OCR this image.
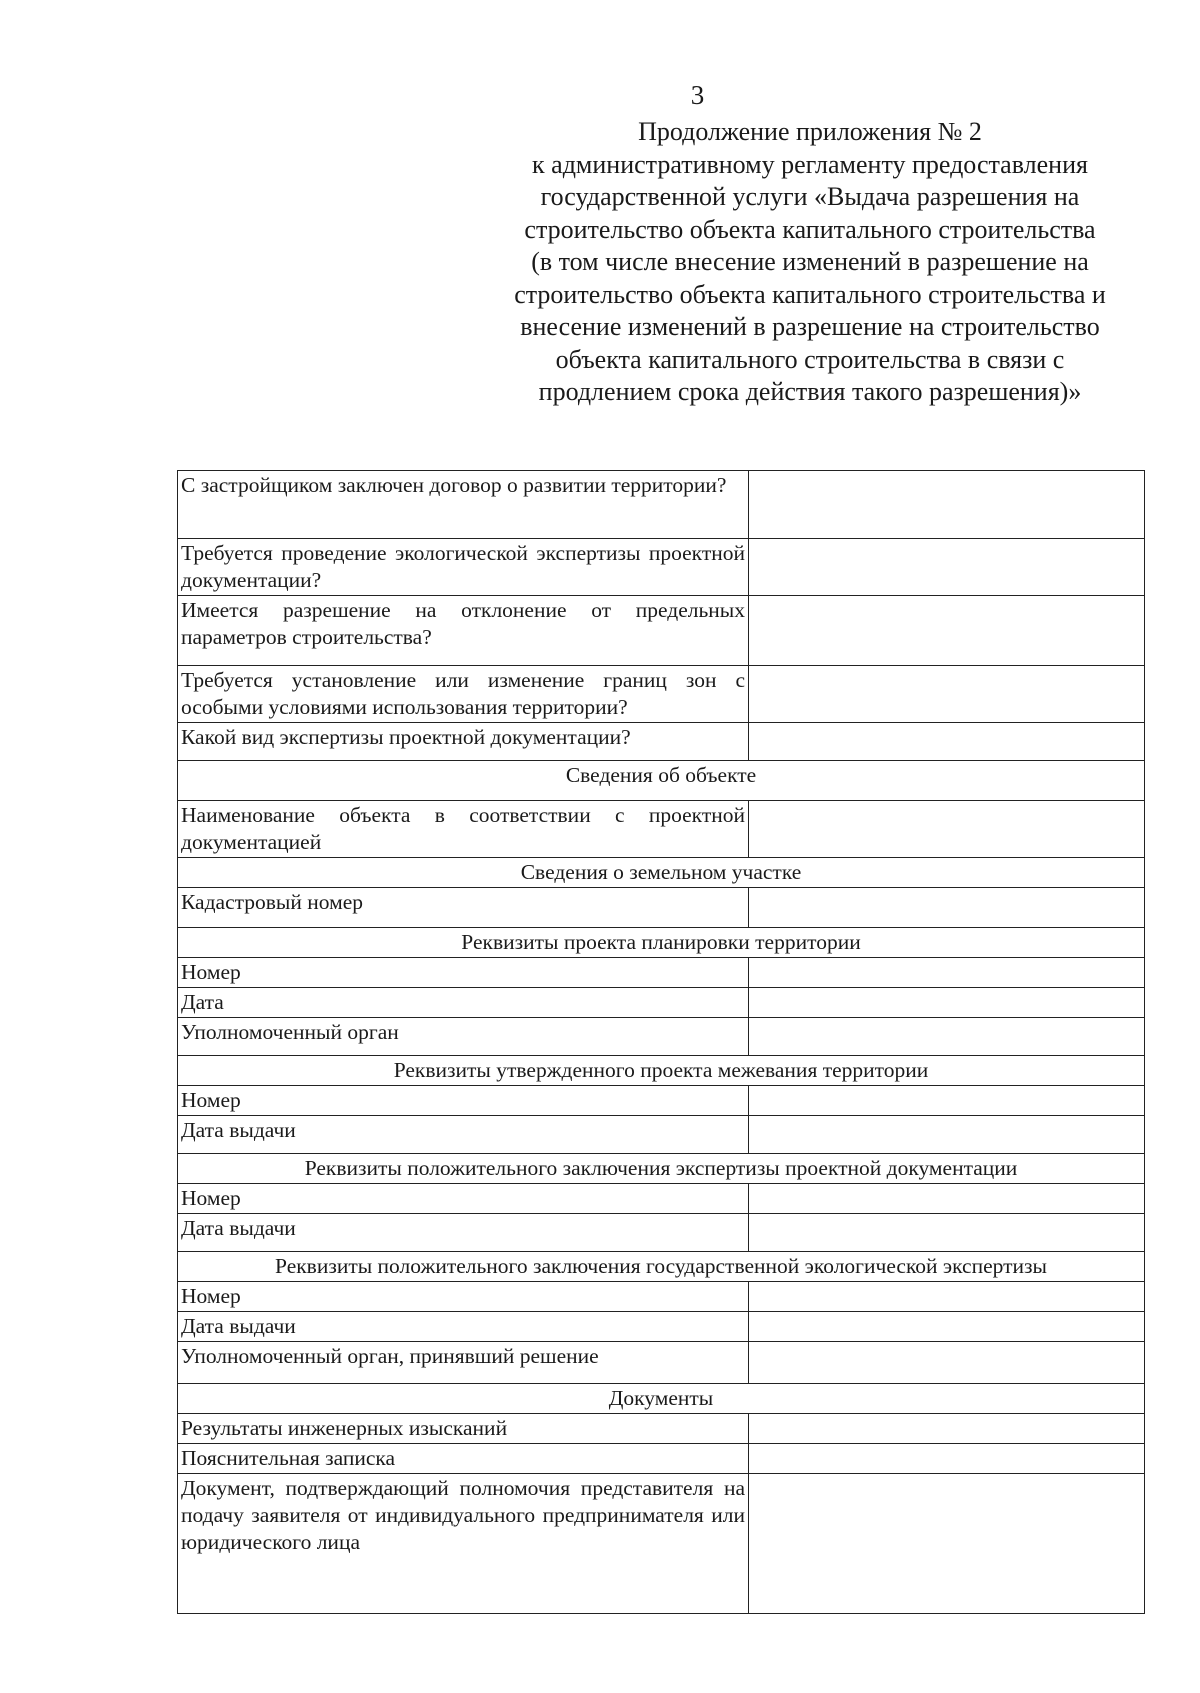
3
Продолжение приложения № 2
к административному регламенту предоставления
государственной услуги «Выдача разрешения на
строительство объекта капитального строительства
(в том числе внесение изменений в разрешение на
строительство объекта капитального строительства и
внесение изменений в разрешение на строительство
объекта капитального строительства в связи с
продлением срока действия такого разрешения)»
С застройщиком заключен договор о развитии территории?	
Требуется проведение экологической экспертизы проектной документации?	
Имеется разрешение на отклонение от предельных параметров строительства?	
Требуется установление или изменение границ зон с особыми условиями использования территории?	
Какой вид экспертизы проектной документации?	
Сведения об объекте	
Наименование объекта в соответствии с проектной документацией	
Сведения о земельном участке	
Кадастровый номер	
Реквизиты проекта планировки территории	
Номер	
Дата	
Уполномоченный орган	
Реквизиты утвержденного проекта межевания территории	
Номер	
Дата выдачи	
Реквизиты положительного заключения экспертизы проектной документации	
Номер	
Дата выдачи	
Реквизиты положительного заключения государственной экологической экспертизы	
Номер	
Дата выдачи	
Уполномоченный орган, принявший решение	
Документы	
Результаты инженерных изысканий	
Пояснительная записка	
Документ, подтверждающий полномочия представителя на подачу заявителя от индивидуального предпринимателя или юридического лица	
